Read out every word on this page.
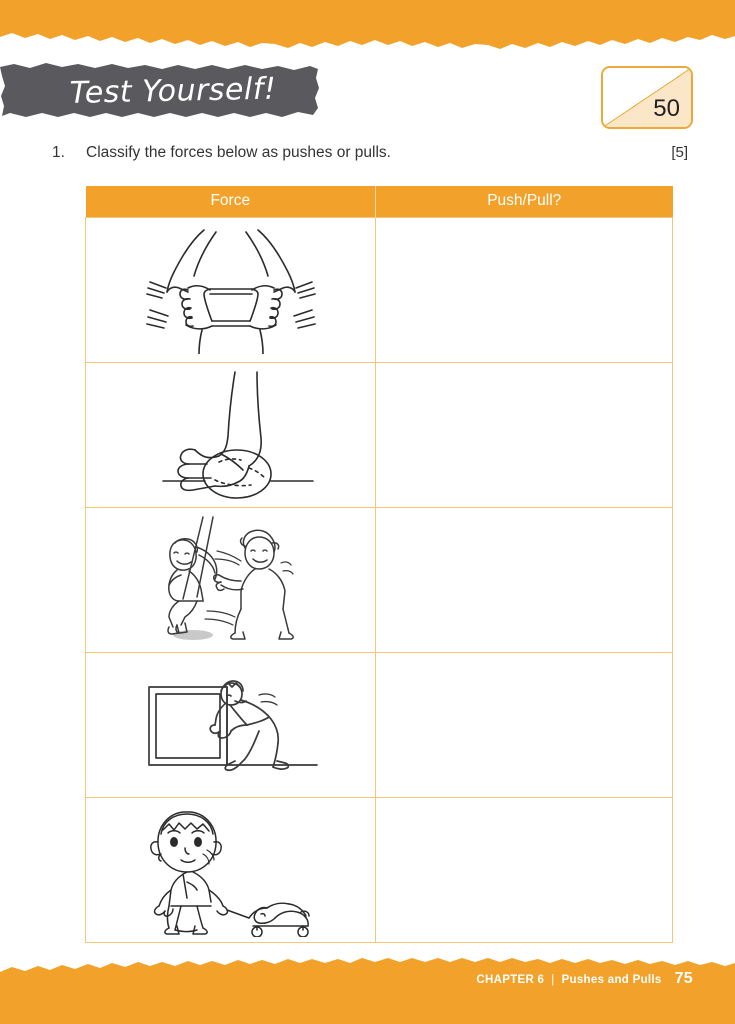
Test Yourself!	50
1.	Classify the forces below as pushes or pulls.	[5]
Force	Push/Pull?

CHAPTER 6 | Pushes and Pulls 75
